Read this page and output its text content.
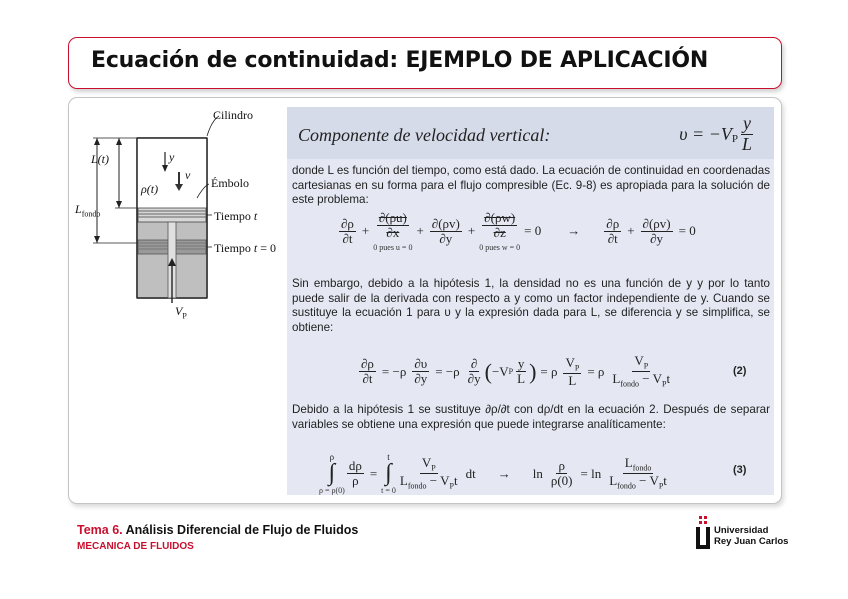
Ecuación de continuidad: EJEMPLO DE APLICACIÓN
Cilindro
Émbolo
Tiempo t
Tiempo t = 0
L(t)	y
v
ρ(t)
$L_{fondo}$
$V_P$
Componente de velocidad vertical:	$\upsilon = -V_P \frac{y}{L}$
donde L es función del tiempo, como está dado. La ecuación de continuidad en coordenadas cartesianas en su forma para el flujo compresible (Ec. 9-8) es apropiada para la solución de este problema:
$\frac{\partial\rho}{\partial t} + \frac{\partial(\rho u)}{\partial x}$
0 pues u = 0
+ $\frac{\partial(\rho v)}{\partial y} + \frac{\partial(\rho w)}{\partial z}$
0 pues w = 0
= $0 \to \frac{\partial\rho}{\partial t} + \frac{\partial(\rho v)}{\partial y} = 0$
Sin embargo, debido a la hipótesis 1, la densidad no es una función de y y por lo tanto puede salir de la derivada con respecto a y como un factor independiente de y. Cuando se sustituye la ecuación 1 para υ y la expresión dada para L, se diferencia y se simplifica, se obtiene:
$\frac{\partial\rho}{\partial t} = -\rho \frac{\partial\upsilon}{\partial y} = -\rho \frac{\partial}{\partial y}$ ( −V P $\frac{y}{L}$ ) = ρ $\frac{V_P}{L} = \rho \frac{V_P}{L_{fondo} - V_Pt}$	(2)
Debido a la hipótesis 1 se sustituye ∂ρ/∂t con dρ/dt en la ecuación 2. Después de separar variables se obtiene una expresión que puede integrarse analíticamente:
ρ
∫
ρ = ρ(0)
$\frac{d\rho}{\rho}$ =
t
∫
$t = 0 \frac{V_P}{L_{fondo} - V_Pt}$ dt → $\ln \frac{\rho}{\rho(0)} = \ln \frac{L_{fondo}}{L_{fondo} - V_Pt}$	(3)
Tema 6. Análisis Diferencial de Flujo de Fluidos
MECANICA DE FLUIDOS
Universidad
Rey Juan Carlos
